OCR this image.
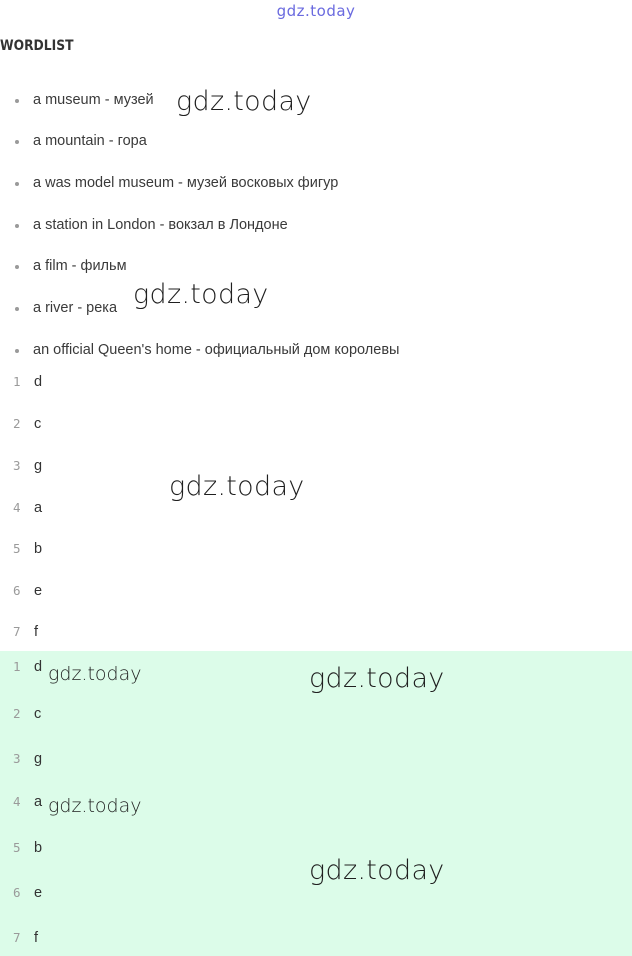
gdz.today
WORDLIST
a museum - музей
a mountain - гора
a was model museum - музей восковых фигур
a station in London - вокзал в Лондоне
a film - фильм
a river - река
an official Queen's home - официальный дом королевы
1 d
2 c
3 g
4 a
5 b
6 e
7 f
1 d
2 c
3 g
4 a
5 b
6 e
7 f
gdz.today
gdz.today
gdz.today
gdz.today
gdz.today
gdz.today
gdz.today
